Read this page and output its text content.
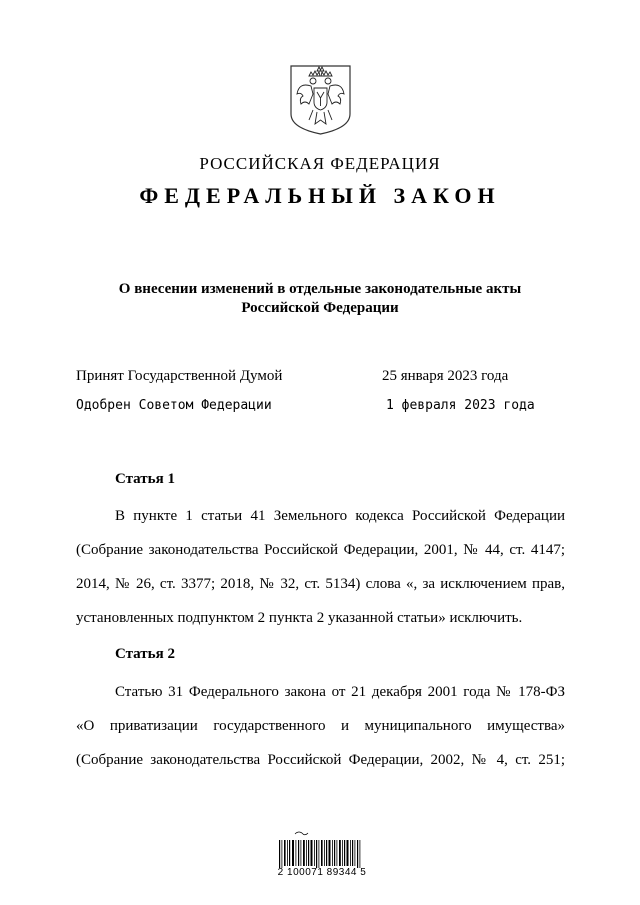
РОССИЙСКАЯ ФЕДЕРАЦИЯ
ФЕДЕРАЛЬНЫЙ ЗАКОН
О внесении изменений в отдельные законодательные акты
Российской Федерации
Принят Государственной Думой	25 января 2023 года
Одобрен Советом Федерации	1 февраля 2023 года
Статья 1
В пункте 1 статьи 41 Земельного кодекса Российской Федерации
(Собрание законодательства Российской Федерации, 2001, № 44, ст. 4147;
2014, № 26, ст. 3377; 2018, № 32, ст. 5134) слова «, за исключением прав,
установленных подпунктом 2 пункта 2 указанной статьи» исключить.
Статья 2
Статью 31 Федерального закона от 21 декабря 2001 года № 178-ФЗ
«О приватизации государственного и муниципального имущества»
(Собрание законодательства Российской Федерации, 2002, № 4, ст. 251;
2 100071 89344 5
